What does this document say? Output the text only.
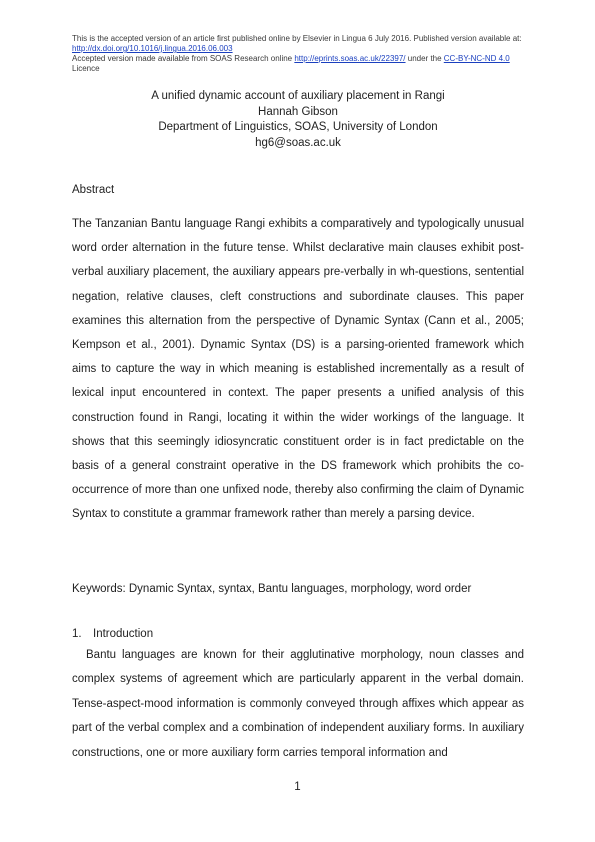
This is the accepted version of an article first published online by Elsevier in Lingua 6 July 2016. Published version available at: http://dx.doi.org/10.1016/j.lingua.2016.06.003
Accepted version made available from SOAS Research online http://eprints.soas.ac.uk/22397/ under the CC-BY-NC-ND 4.0 Licence
A unified dynamic account of auxiliary placement in Rangi
Hannah Gibson
Department of Linguistics, SOAS, University of London
hg6@soas.ac.uk
Abstract

The Tanzanian Bantu language Rangi exhibits a comparatively and typologically unusual word order alternation in the future tense. Whilst declarative main clauses exhibit post-verbal auxiliary placement, the auxiliary appears pre-verbally in wh-questions, sentential negation, relative clauses, cleft constructions and subordinate clauses. This paper examines this alternation from the perspective of Dynamic Syntax (Cann et al., 2005; Kempson et al., 2001). Dynamic Syntax (DS) is a parsing-oriented framework which aims to capture the way in which meaning is established incrementally as a result of lexical input encountered in context. The paper presents a unified analysis of this construction found in Rangi, locating it within the wider workings of the language. It shows that this seemingly idiosyncratic constituent order is in fact predictable on the basis of a general constraint operative in the DS framework which prohibits the co-occurrence of more than one unfixed node, thereby also confirming the claim of Dynamic Syntax to constitute a grammar framework rather than merely a parsing device.

Keywords: Dynamic Syntax, syntax, Bantu languages, morphology, word order
1. Introduction

Bantu languages are known for their agglutinative morphology, noun classes and complex systems of agreement which are particularly apparent in the verbal domain. Tense-aspect-mood information is commonly conveyed through affixes which appear as part of the verbal complex and a combination of independent auxiliary forms. In auxiliary constructions, one or more auxiliary form carries temporal information and

1
